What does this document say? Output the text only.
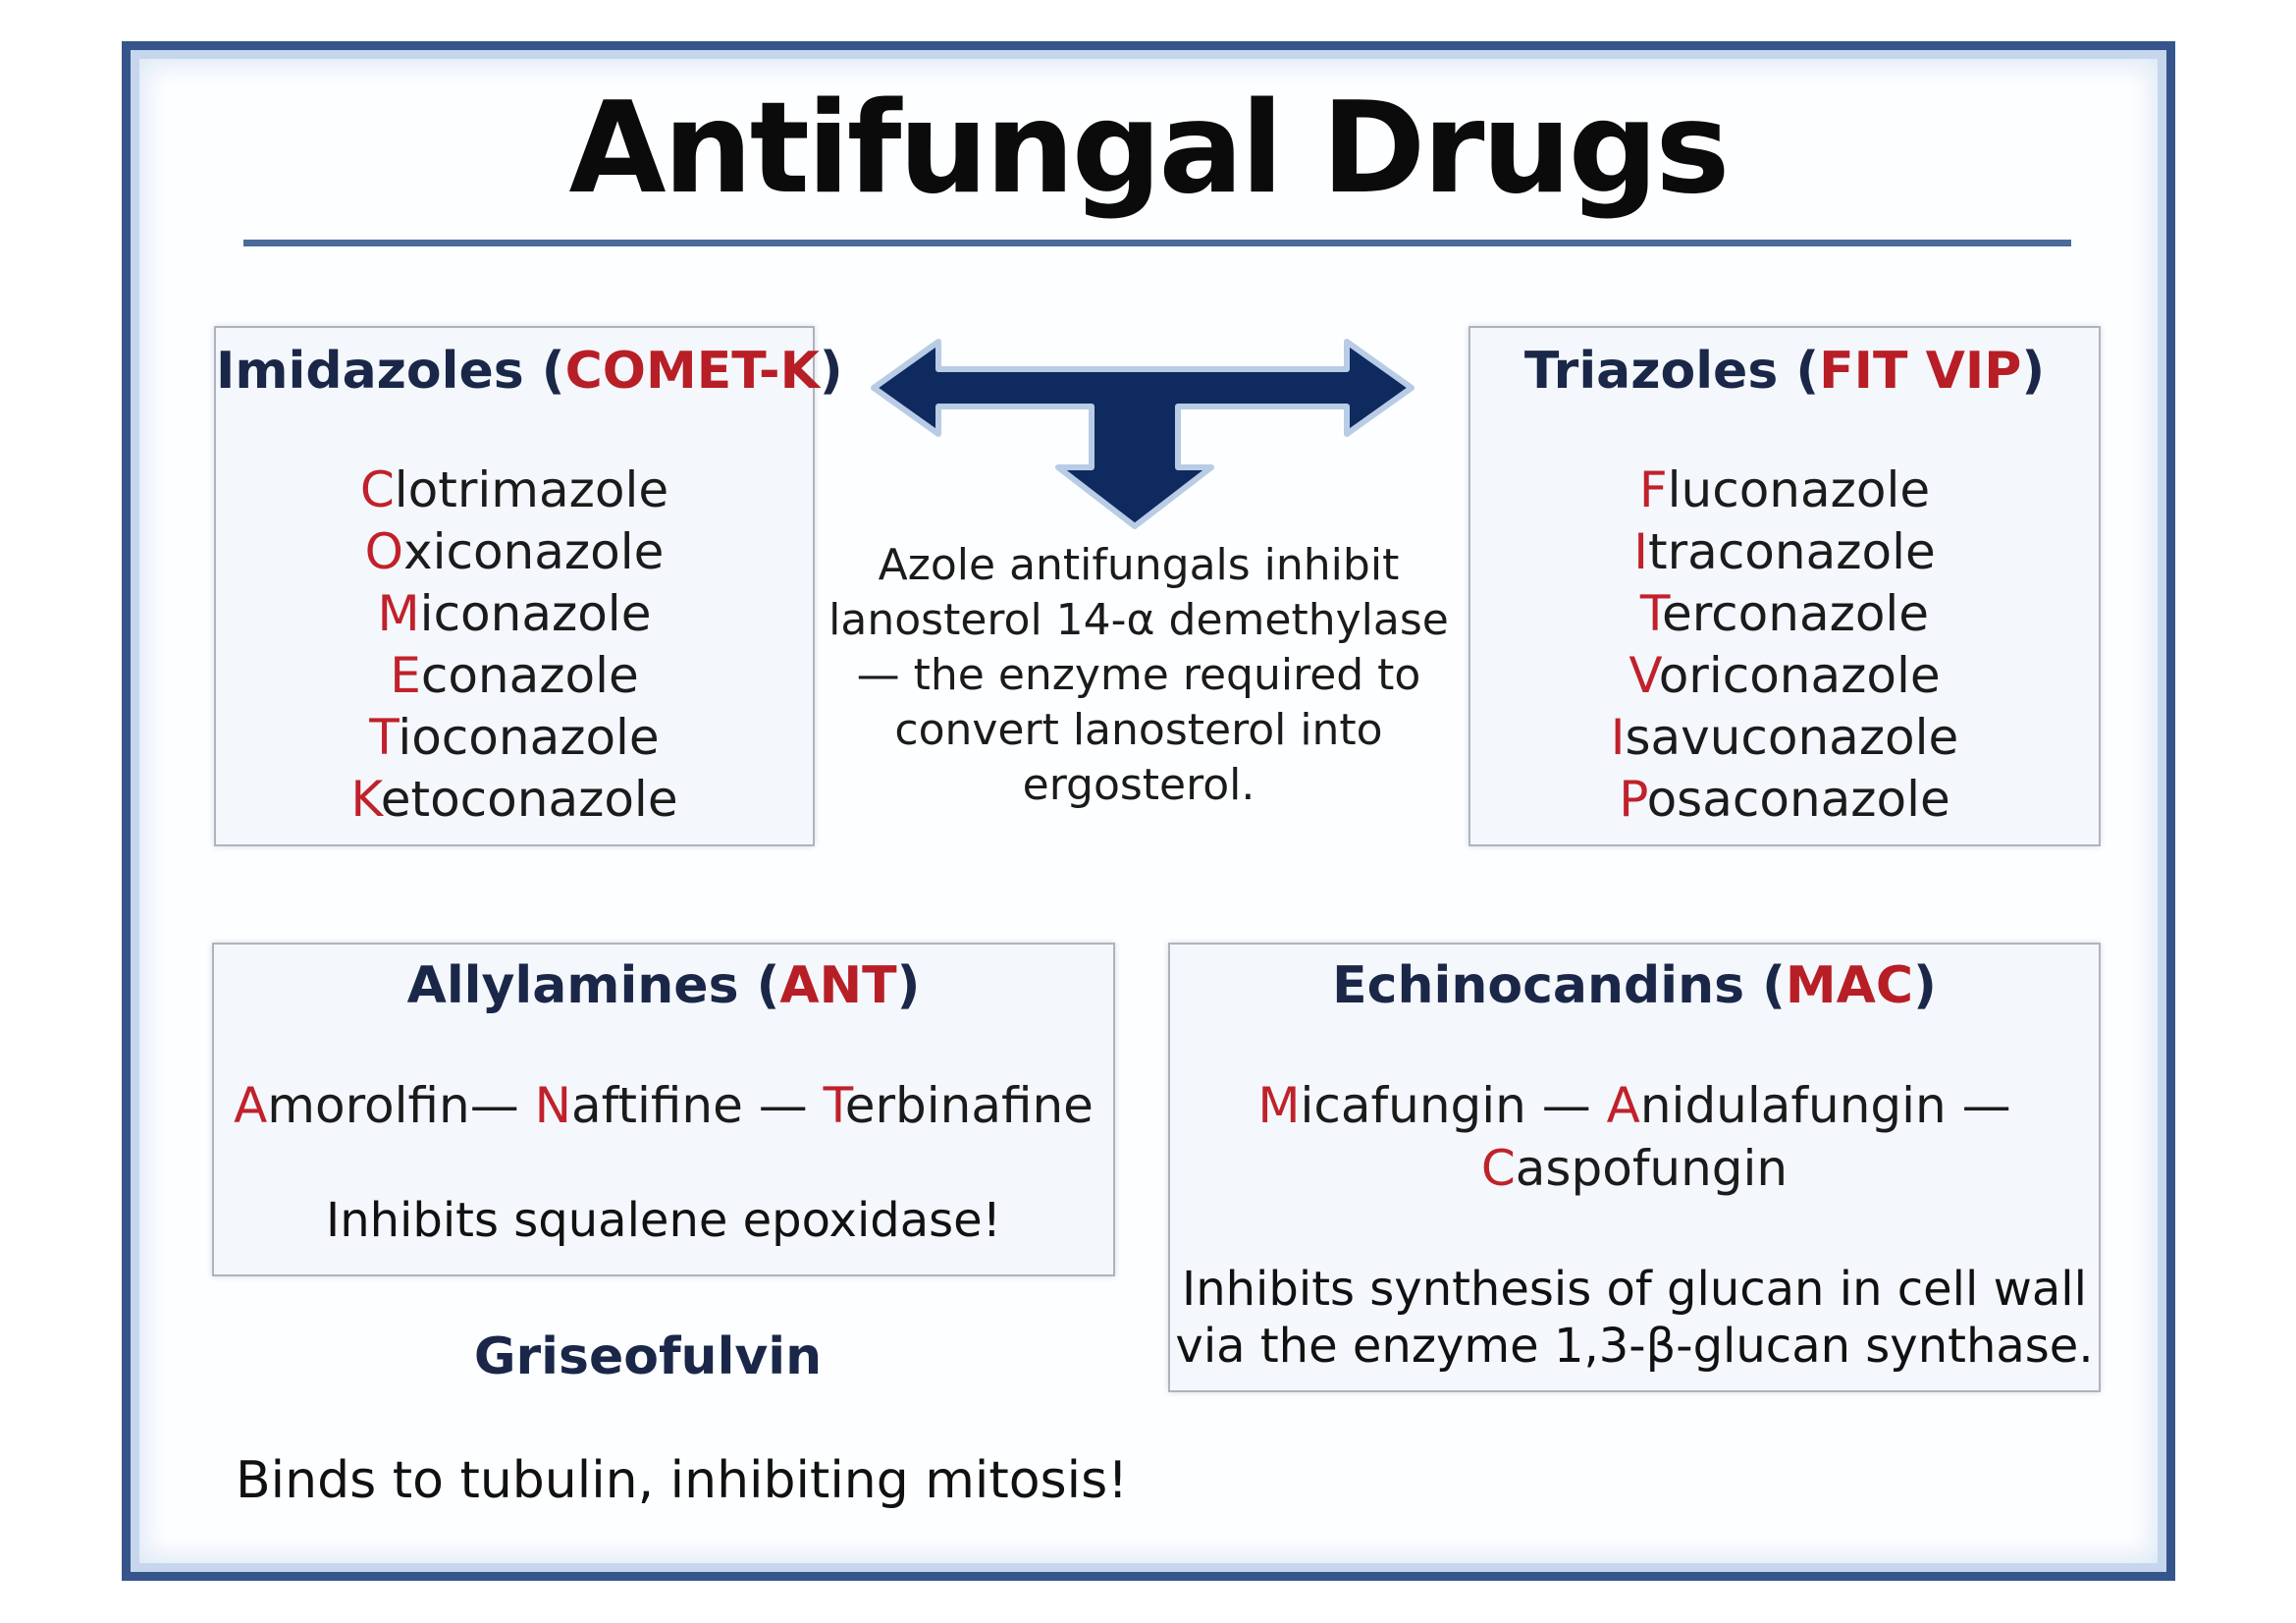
Antifungal Drugs
Imidazoles (COMET-K
Clotrimazole
Oxiconazole
Miconazole
Econazole
Tioconazole
Ketoconazole
Triazoles (FIT VIP)
Fluconazole
Itraconazole
Terconazole
Voriconazole
Isavuconazole
Posaconazole
Azole antifungals inhibit
lanosterol 14-α demethylase
— the enzyme required to
convert lanosterol into
ergosterol.
Allylamines (ANT)
Amorolfin— Naftifine — Terbinafine
Inhibits squalene epoxidase!
Echinocandins (MAC)
Micafungin — Anidulafungin —
Caspofungin
Inhibits synthesis of glucan in cell wall
via the enzyme 1,3-β-glucan synthase.
Griseofulvin
Binds to tubulin, inhibiting mitosis!
